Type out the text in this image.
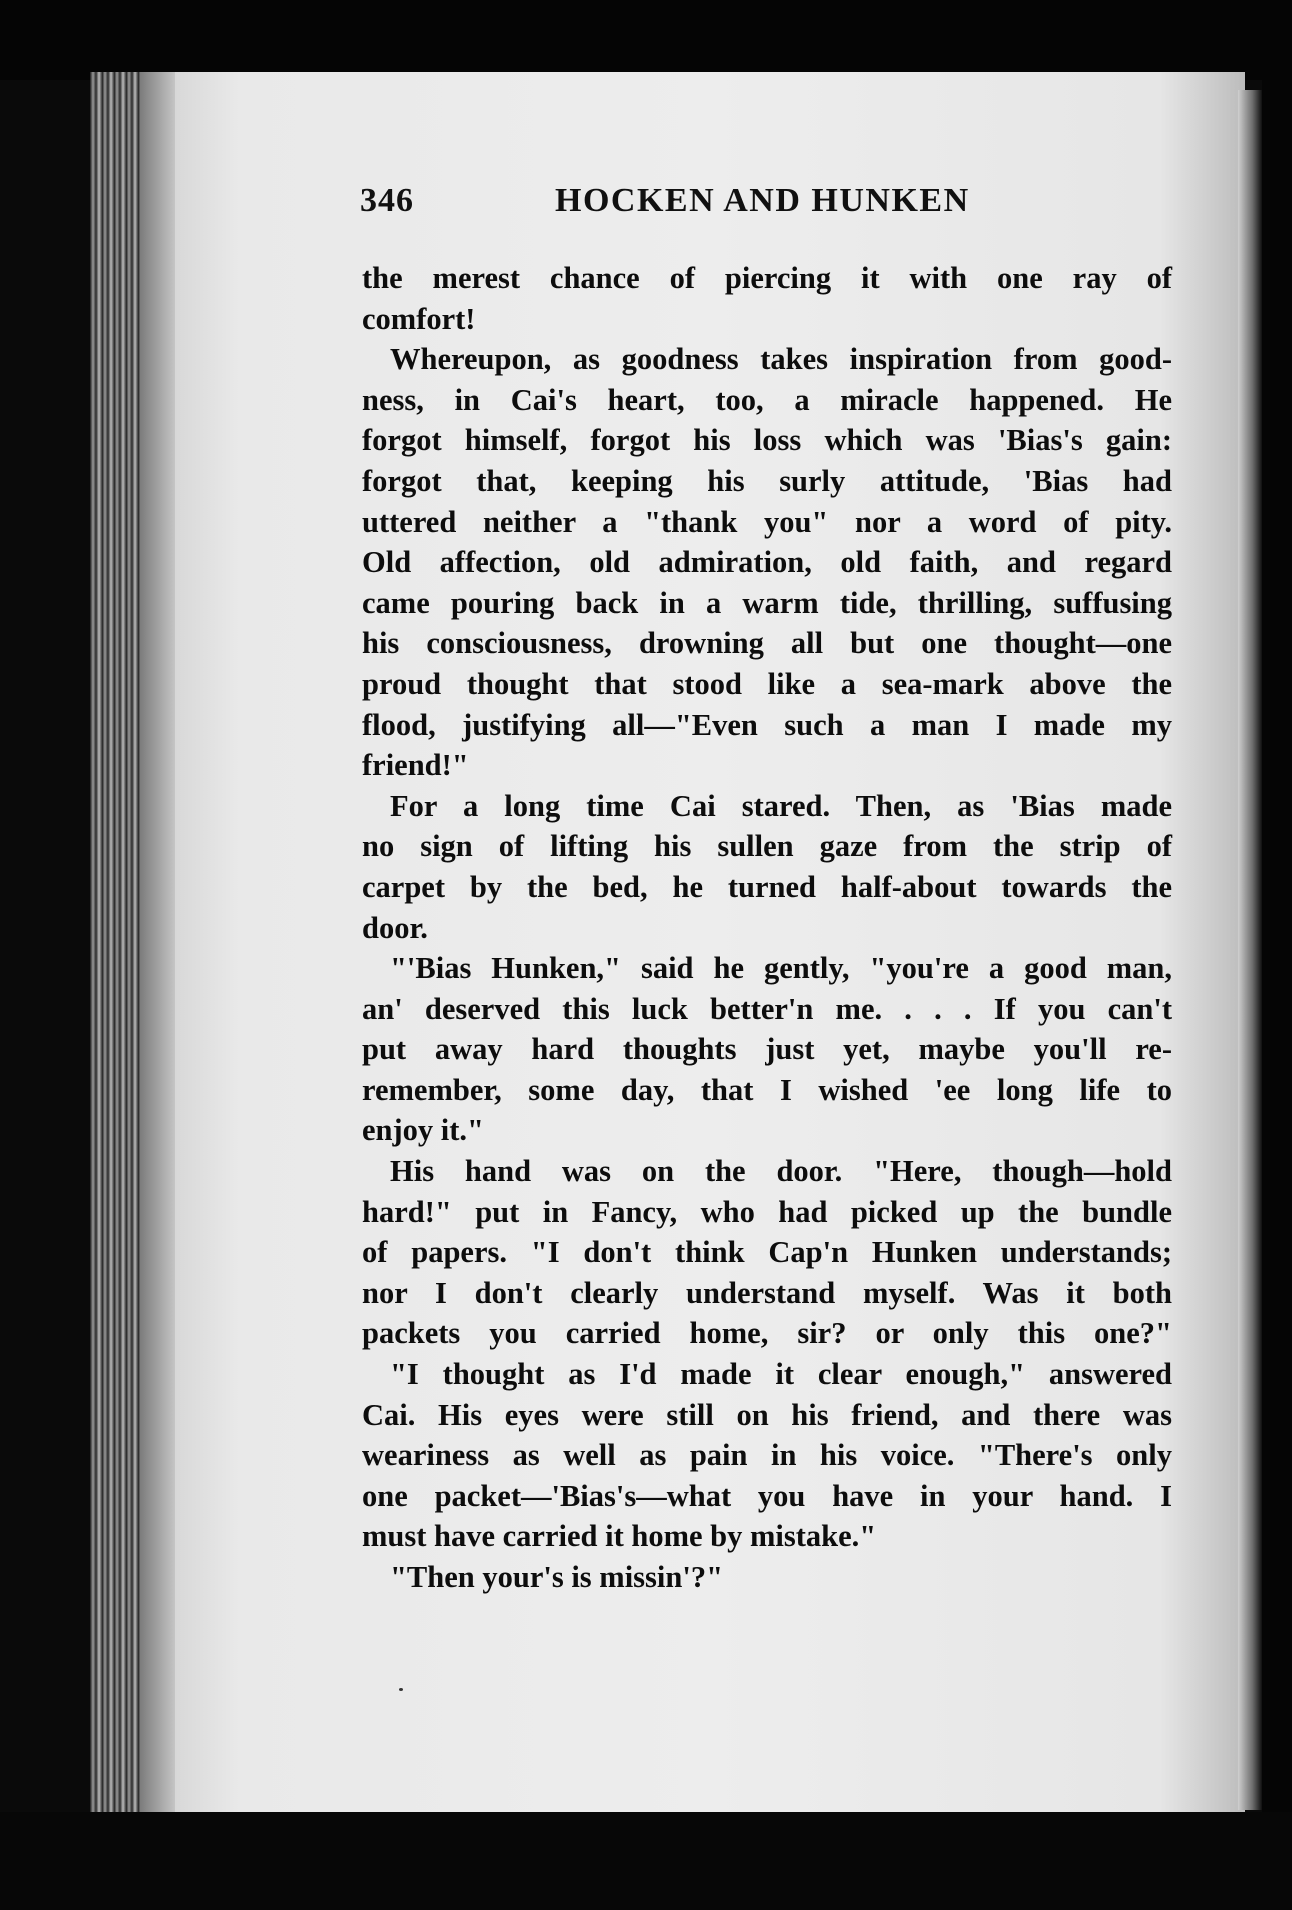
346	HOCKEN AND HUNKEN
the merest chance of piercing it with one ray of
comfort!
Whereupon, as goodness takes inspiration from good-
ness, in Cai's heart, too, a miracle happened. He
forgot himself, forgot his loss which was 'Bias's gain:
forgot that, keeping his surly attitude, 'Bias had
uttered neither a "thank you" nor a word of pity.
Old affection, old admiration, old faith, and regard
came pouring back in a warm tide, thrilling, suffusing
his consciousness, drowning all but one thought—one
proud thought that stood like a sea-mark above the
flood, justifying all—"Even such a man I made my
friend!"
For a long time Cai stared. Then, as 'Bias made
no sign of lifting his sullen gaze from the strip of
carpet by the bed, he turned half-about towards the
door.
"'Bias Hunken," said he gently, "you're a good man,
an' deserved this luck better'n me. . . . If you can't
put away hard thoughts just yet, maybe you'll re-
remember, some day, that I wished 'ee long life to
enjoy it."
His hand was on the door. "Here, though—hold
hard!" put in Fancy, who had picked up the bundle
of papers. "I don't think Cap'n Hunken understands;
nor I don't clearly understand myself. Was it both
packets you carried home, sir? or only this one?"
"I thought as I'd made it clear enough," answered
Cai. His eyes were still on his friend, and there was
weariness as well as pain in his voice. "There's only
one packet—'Bias's—what you have in your hand. I
must have carried it home by mistake."
"Then your's is missin'?"
